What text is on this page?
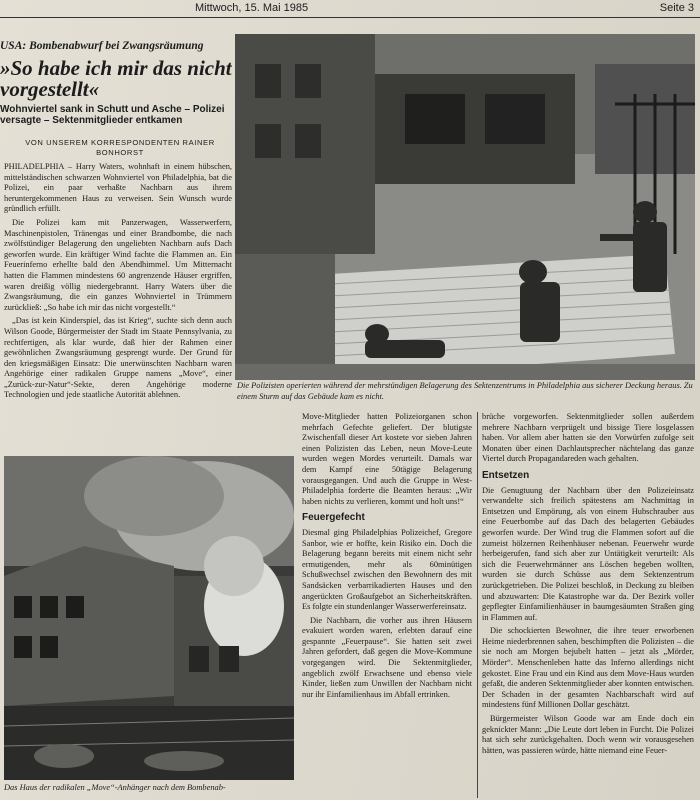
Mittwoch, 15. Mai 1985	Seite 3
USA: Bombenabwurf bei Zwangsräumung
»So habe ich mir das nicht vorgestellt«
Wohnviertel sank in Schutt und Asche – Polizei versagte – Sektenmitglieder entkamen
VON UNSEREM KORRESPONDENTEN RAINER BONHORST
Die Polizisten operierten während der mehrstündigen Belagerung des Sektenzentrums in Philadelphia aus sicherer Deckung heraus. Zu einem Sturm auf das Gebäude kam es nicht.

PHILADELPHIA – Harry Waters, wohnhaft in einem hübschen, mittelständischen schwarzen Wohnviertel von Philadelphia, bat die Polizei, ein paar verhaßte Nachbarn aus ihrem heruntergekommenen Haus zu verweisen. Sein Wunsch wurde gründlich erfüllt.

Die Polizei kam mit Panzerwagen, Wasserwerfern, Maschinenpistolen, Tränengas und einer Brandbombe, die nach zwölfstündiger Belagerung den ungeliebten Nachbarn aufs Dach geworfen wurde. Ein kräftiger Wind fachte die Flammen an. Ein Feuerinferno erhellte bald den Abendhimmel. Um Mitternacht hatten die Flammen mindestens 60 angrenzende Häuser ergriffen, waren dreißig völlig niedergebrannt. Harry Waters über die Zwangsräumung, die ein ganzes Wohnviertel in Trümmern zurückließ: „So habe ich mir das nicht vorgestellt.“

„Das ist kein Kinderspiel, das ist Krieg“, suchte sich denn auch Wilson Goode, Bürgermeister der Stadt im Staate Pennsylvania, zu rechtfertigen, als klar wurde, daß hier der Rahmen einer gewöhnlichen Zwangsräumung gesprengt wurde. Der Grund für den kriegsmäßigen Einsatz: Die unerwünschten Nachbarn waren Angehörige einer radikalen Gruppe namens „Move“, einer „Zurück-zur-Natur“-Sekte, deren Angehörige moderne Technologien und jede staatliche Autorität ablehnen.

Das Haus der radikalen „Move“-Anhänger nach dem Bombenab-

Move-Mitglieder hatten Polizeiorganen schon mehrfach Gefechte geliefert. Der blutigste Zwischenfall dieser Art kostete vor sieben Jahren einen Polizisten das Leben, neun Move-Leute wurden wegen Mordes verurteilt. Damals war dem Kampf eine 50tägige Belagerung vorausgegangen. Und auch die Gruppe in West-Philadelphia forderte die Beamten heraus: „Wir haben nichts zu verlieren, kommt und holt uns!“

Feuergefecht

Diesmal ging Philadelphias Polizeichef, Gregore Sanbor, wie er hoffte, kein Risiko ein. Doch die Belagerung begann bereits mit einem nicht sehr ermutigenden, mehr als 60minütigen Schußwechsel zwischen den Bewohnern des mit Sandsäcken verbarrikadierten Hauses und den angerückten Großaufgebot an Sicherheitskräften. Es folgte ein stundenlanger Wasserwerfereinsatz.

Die Nachbarn, die vorher aus ihren Häusern evakuiert worden waren, erlebten darauf eine gespannte „Feuerpause“. Sie hatten seit zwei Jahren gefordert, daß gegen die Move-Kommune vorgegangen wird. Die Sektenmitglieder, angeblich zwölf Erwachsene und ebenso viele Kinder, ließen zum Unwillen der Nachbarn nicht nur ihr Einfamilienhaus im Abfall ertrinken.

brüche vorgeworfen. Sektenmitglieder sollen außerdem mehrere Nachbarn verprügelt und bissige Tiere losgelassen haben. Vor allem aber hatten sie den Vorwürfen zufolge seit Monaten über einen Dachlautsprecher nächtelang das ganze Viertel durch Propagandareden wach gehalten.

Entsetzen

Die Genugtuung der Nachbarn über den Polizeieinsatz verwandelte sich freilich spätestens am Nachmittag in Entsetzen und Empörung, als von einem Hubschrauber aus eine Feuerbombe auf das Dach des belagerten Gebäudes geworfen wurde. Der Wind trug die Flammen sofort auf die zumeist hölzernen Reihenhäuser nebenan. Feuerwehr wurde herbeigerufen, fand sich aber zur Untätigkeit verurteilt: Als sich die Feuerwehrmänner ans Löschen begeben wollten, wurden sie durch Schüsse aus dem Sektenzentrum zurückgetrieben. Die Polizei beschloß, in Deckung zu bleiben und abzuwarten: Die Katastrophe war da. Der Bezirk voller gepflegter Einfamilienhäuser in baumgesäumten Straßen ging in Flammen auf.

Die schockierten Bewohner, die ihre teuer erworbenen Heime niederbrennen sahen, beschimpften die Polizisten – die sie noch am Morgen bejubelt hatten – jetzt als „Mörder, Mörder“. Menschenleben hatte das Inferno allerdings nicht gekostet. Eine Frau und ein Kind aus dem Move-Haus wurden gefaßt, die anderen Sektenmitglieder aber konnten entwischen. Der Schaden in der gesamten Nachbarschaft wird auf mindestens fünf Millionen Dollar geschätzt.

Bürgermeister Wilson Goode war am Ende doch ein geknickter Mann: „Die Leute dort leben in Furcht. Die Polizei hat sich sehr zurückgehalten. Doch wenn wir vorausgesehen hätten, was passieren würde, hätte niemand eine Feuer-
